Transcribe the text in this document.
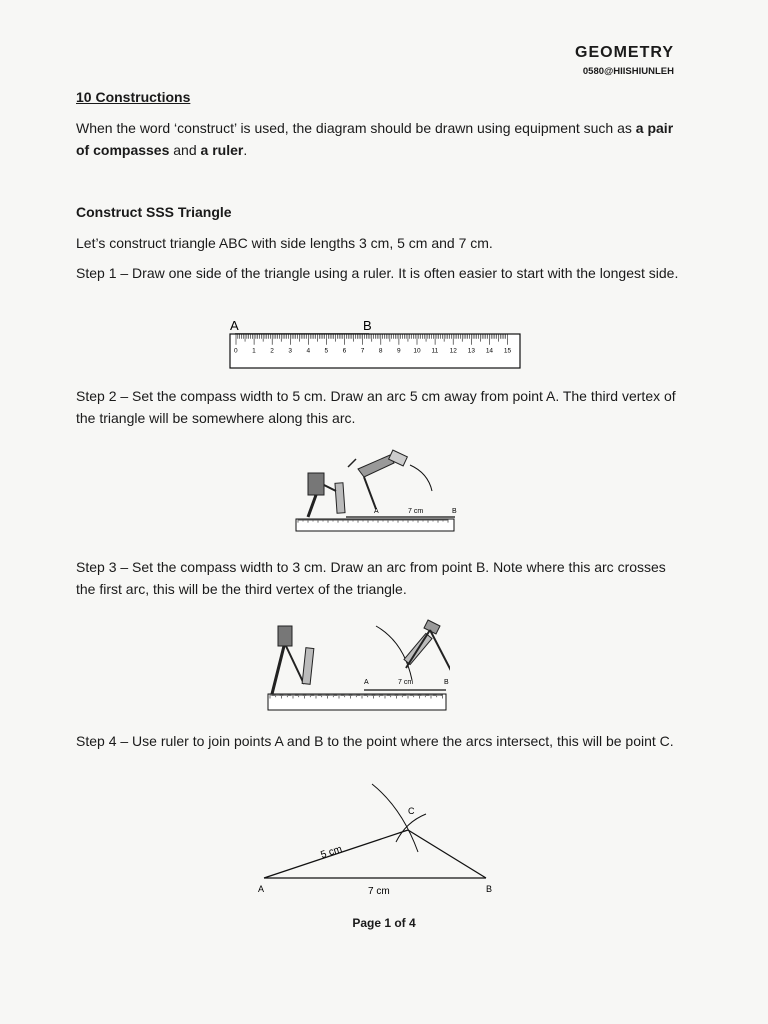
GEOMETRY
0580@HIISHIUNLEH
10 Constructions
When the word ‘construct’ is used, the diagram should be drawn using equipment such as a pair of compasses and a ruler.
Construct SSS Triangle
Let’s construct triangle ABC with side lengths 3 cm, 5 cm and 7 cm.
Step 1 – Draw one side of the triangle using a ruler. It is often easier to start with the longest side.
A	B
0 1 2 3 4 5 6 7 8 9 10 11 12 13 14 15
Step 2 – Set the compass width to 5 cm. Draw an arc 5 cm away from point A. The third vertex of the triangle will be somewhere along this arc.
A	7 cm	B
Step 3 – Set the compass width to 3 cm. Draw an arc from point B. Note where this arc crosses the first arc, this will be the third vertex of the triangle.
A	7 cm	B
Step 4 – Use ruler to join points A and B to the point where the arcs intersect, this will be point C.
A	B
C
7 cm
5 cm
Page 1 of 4
